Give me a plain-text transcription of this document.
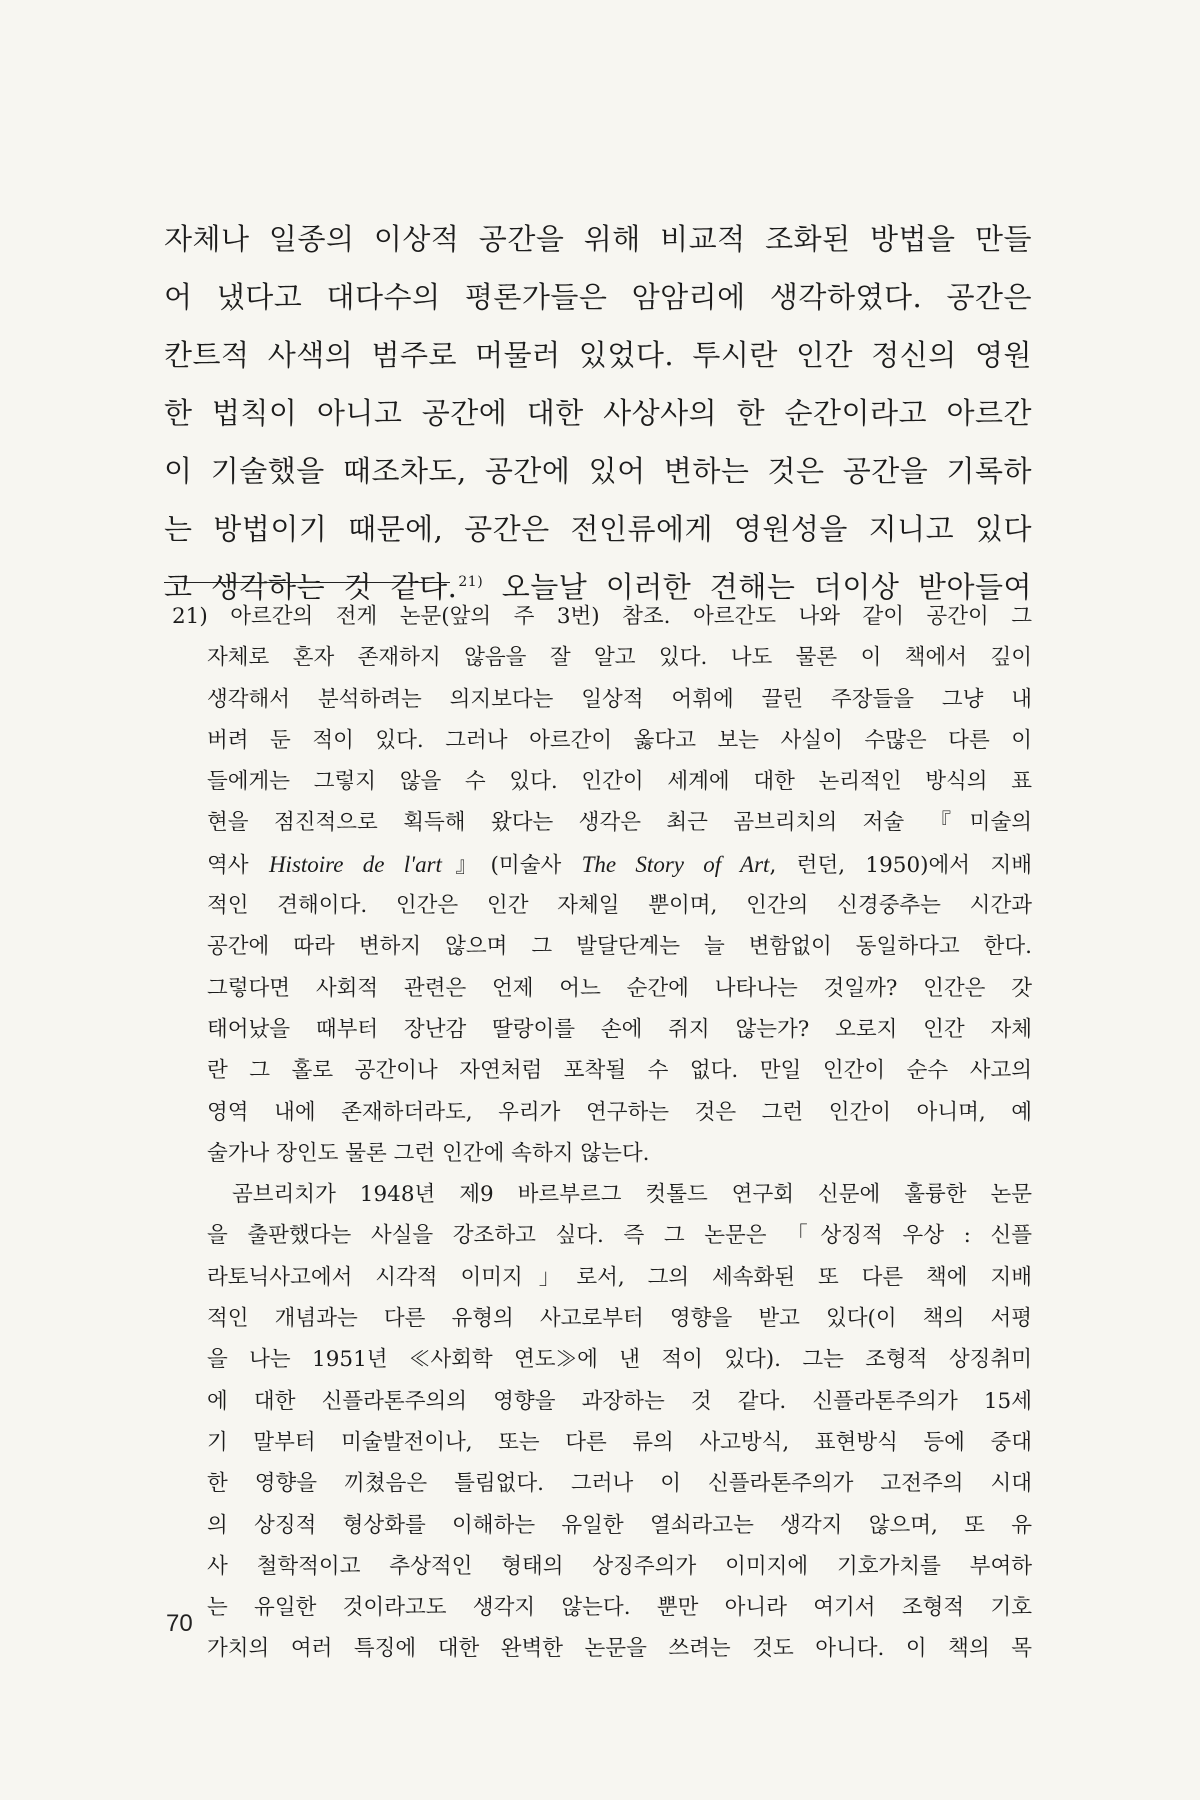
자체나 일종의 이상적 공간을 위해 비교적 조화된 방법을 만들
어 냈다고 대다수의 평론가들은 암암리에 생각하였다. 공간은
칸트적 사색의 범주로 머물러 있었다. 투시란 인간 정신의 영원
한 법칙이 아니고 공간에 대한 사상사의 한 순간이라고 아르간
이 기술했을 때조차도, 공간에 있어 변하는 것은 공간을 기록하
는 방법이기 때문에, 공간은 전인류에게 영원성을 지니고 있다
고 생각하는 것 같다.$^{21)}$ 오늘날 이러한 견해는 더이상 받아들여
21) 아르간의 전게 논문(앞의 주 3번) 참조. 아르간도 나와 같이 공간이 그
자체로 혼자 존재하지 않음을 잘 알고 있다. 나도 물론 이 책에서 깊이
생각해서 분석하려는 의지보다는 일상적 어휘에 끌린 주장들을 그냥 내
버려 둔 적이 있다. 그러나 아르간이 옳다고 보는 사실이 수많은 다른 이
들에게는 그렇지 않을 수 있다. 인간이 세계에 대한 논리적인 방식의 표
현을 점진적으로 획득해 왔다는 생각은 최근 곰브리치의 저술 『미술의
역사 Histoire de l'art』(미술사 The Story of Art, 런던, 1950)에서 지배
적인 견해이다. 인간은 인간 자체일 뿐이며, 인간의 신경중추는 시간과
공간에 따라 변하지 않으며 그 발달단계는 늘 변함없이 동일하다고 한다.
그렇다면 사회적 관련은 언제 어느 순간에 나타나는 것일까? 인간은 갓
태어났을 때부터 장난감 딸랑이를 손에 쥐지 않는가? 오로지 인간 자체
란 그 홀로 공간이나 자연처럼 포착될 수 없다. 만일 인간이 순수 사고의
영역 내에 존재하더라도, 우리가 연구하는 것은 그런 인간이 아니며, 예
술가나 장인도 물론 그런 인간에 속하지 않는다.
곰브리치가 1948년 제9 바르부르그 컷톨드 연구회 신문에 훌륭한 논문
을 출판했다는 사실을 강조하고 싶다. 즉 그 논문은 「상징적 우상 : 신플
라토닉사고에서 시각적 이미지」로서, 그의 세속화된 또 다른 책에 지배
적인 개념과는 다른 유형의 사고로부터 영향을 받고 있다(이 책의 서평
을 나는 1951년 ≪사회학 연도≫에 낸 적이 있다). 그는 조형적 상징취미
에 대한 신플라톤주의의 영향을 과장하는 것 같다. 신플라톤주의가 15세
기 말부터 미술발전이나, 또는 다른 류의 사고방식, 표현방식 등에 중대
한 영향을 끼쳤음은 틀림없다. 그러나 이 신플라톤주의가 고전주의 시대
의 상징적 형상화를 이해하는 유일한 열쇠라고는 생각지 않으며, 또 유
사 철학적이고 추상적인 형태의 상징주의가 이미지에 기호가치를 부여하
는 유일한 것이라고도 생각지 않는다. 뿐만 아니라 여기서 조형적 기호
가치의 여러 특징에 대한 완벽한 논문을 쓰려는 것도 아니다. 이 책의 목
70
